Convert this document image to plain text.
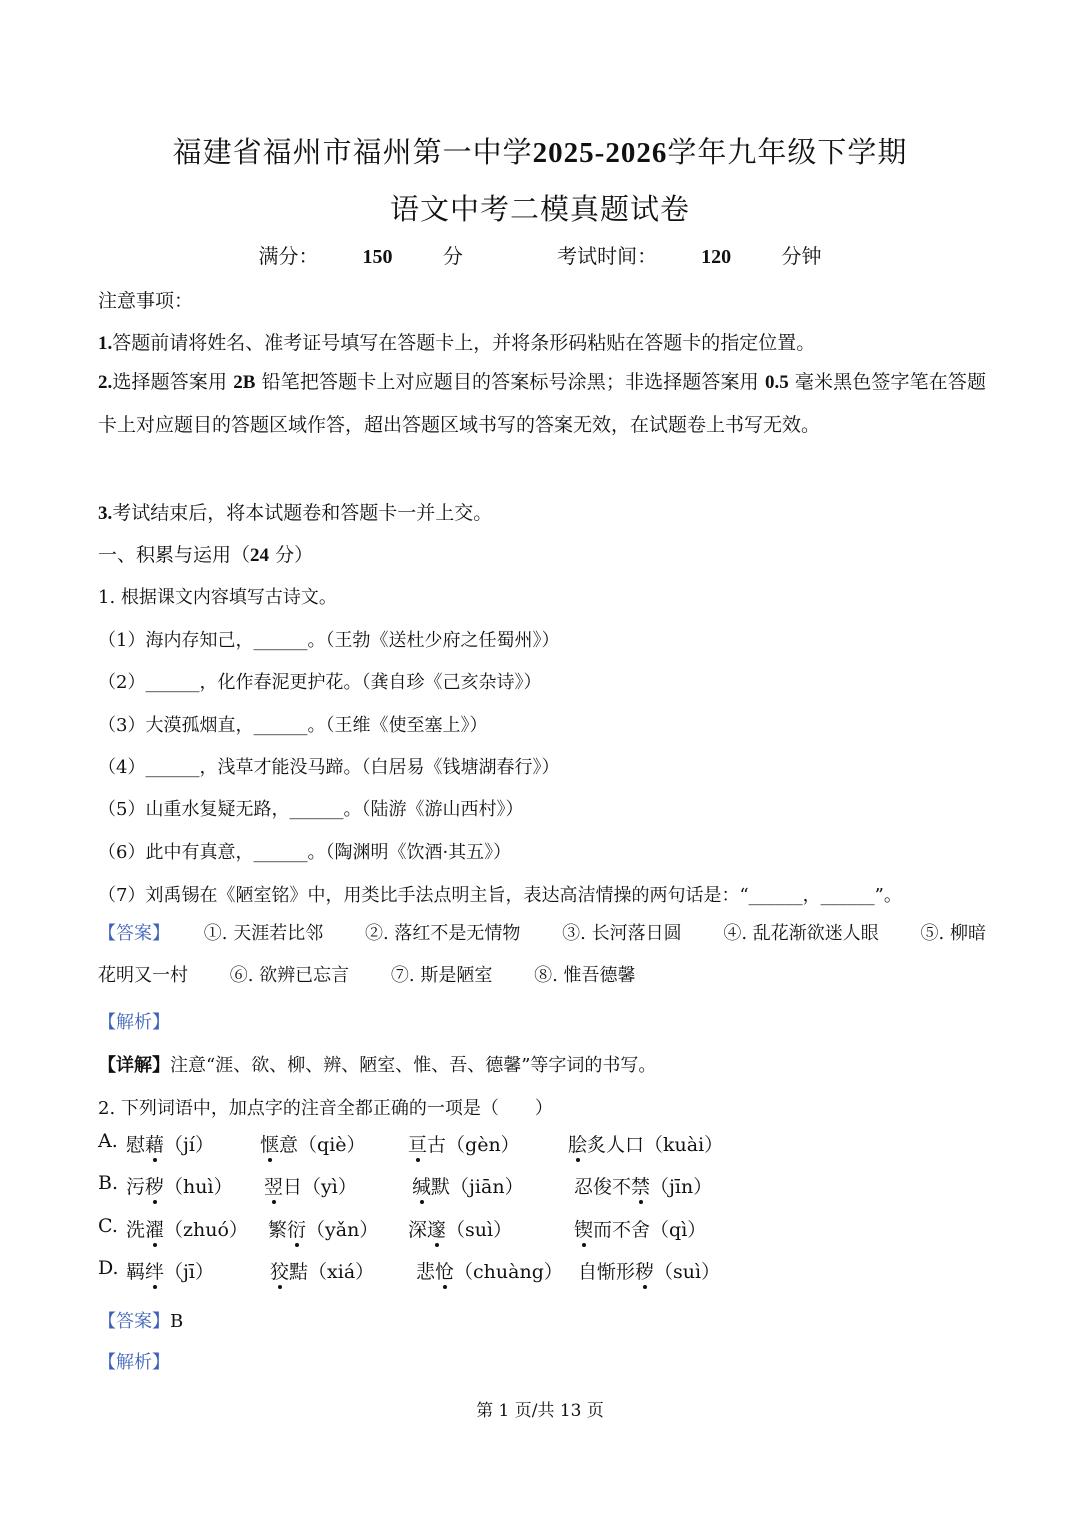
福建省福州市福州第一中学2025-2026学年九年级下学期
语文中考二模真题试卷
满分： 150	分	考试时间： 120	分钟
注意事项：
1.答题前请将姓名、准考证号填写在答题卡上，并将条形码粘贴在答题卡的指定位置。
2.选择题答案用 2B 铅笔把答题卡上对应题目的答案标号涂黑；非选择题答案用 0.5 毫米黑色签字笔在答题卡上对应题目的答题区域作答，超出答题区域书写的答案无效，在试题卷上书写无效。
3.考试结束后，将本试题卷和答题卡一并上交。
一、积累与运用（24 分）
1. 根据课文内容填写古诗文。
（1）海内存知己，______。（王勃《送杜少府之任蜀州》）
（2）______，化作春泥更护花。（龚自珍《己亥杂诗》）
（3）大漠孤烟直，______。（王维《使至塞上》）
（4）______，浅草才能没马蹄。（白居易《钱塘湖春行》）
（5）山重水复疑无路，______。（陆游《游山西村》）
（6）此中有真意，______。（陶渊明《饮酒·其五》）
（7）刘禹锡在《陋室铭》中，用类比手法点明主旨，表达高洁情操的两句话是：“______，______”。
【答案】 ①. 天涯若比邻 ②. 落红不是无情物 ③. 长河落日圆 ④. 乱花渐欲迷人眼 ⑤. 柳暗花明又一村 ⑥. 欲辨已忘言 ⑦. 斯是陋室 ⑧. 惟吾德馨
【解析】
【详解】注意“涯、欲、柳、辨、陋室、惟、吾、德馨”等字词的书写。
2. 下列词语中，加点字的注音全都正确的一项是（　　）
A. 慰藉（jí） 惬意（qiè） 亘古（gèn）	脍炙人口（kuài）
B. 污秽（huì） 翌日（yì）	缄默（jiān）	忍俊不禁（jīn）
C. 洗濯（zhuó） 繁衍（yǎn） 深邃（suì）	锲而不舍（qì）
D. 羁绊（jī）	狡黠（xiá） 悲怆（chuàng） 自惭形秽（suì）
【答案】B
【解析】
第 1 页/共 13 页
